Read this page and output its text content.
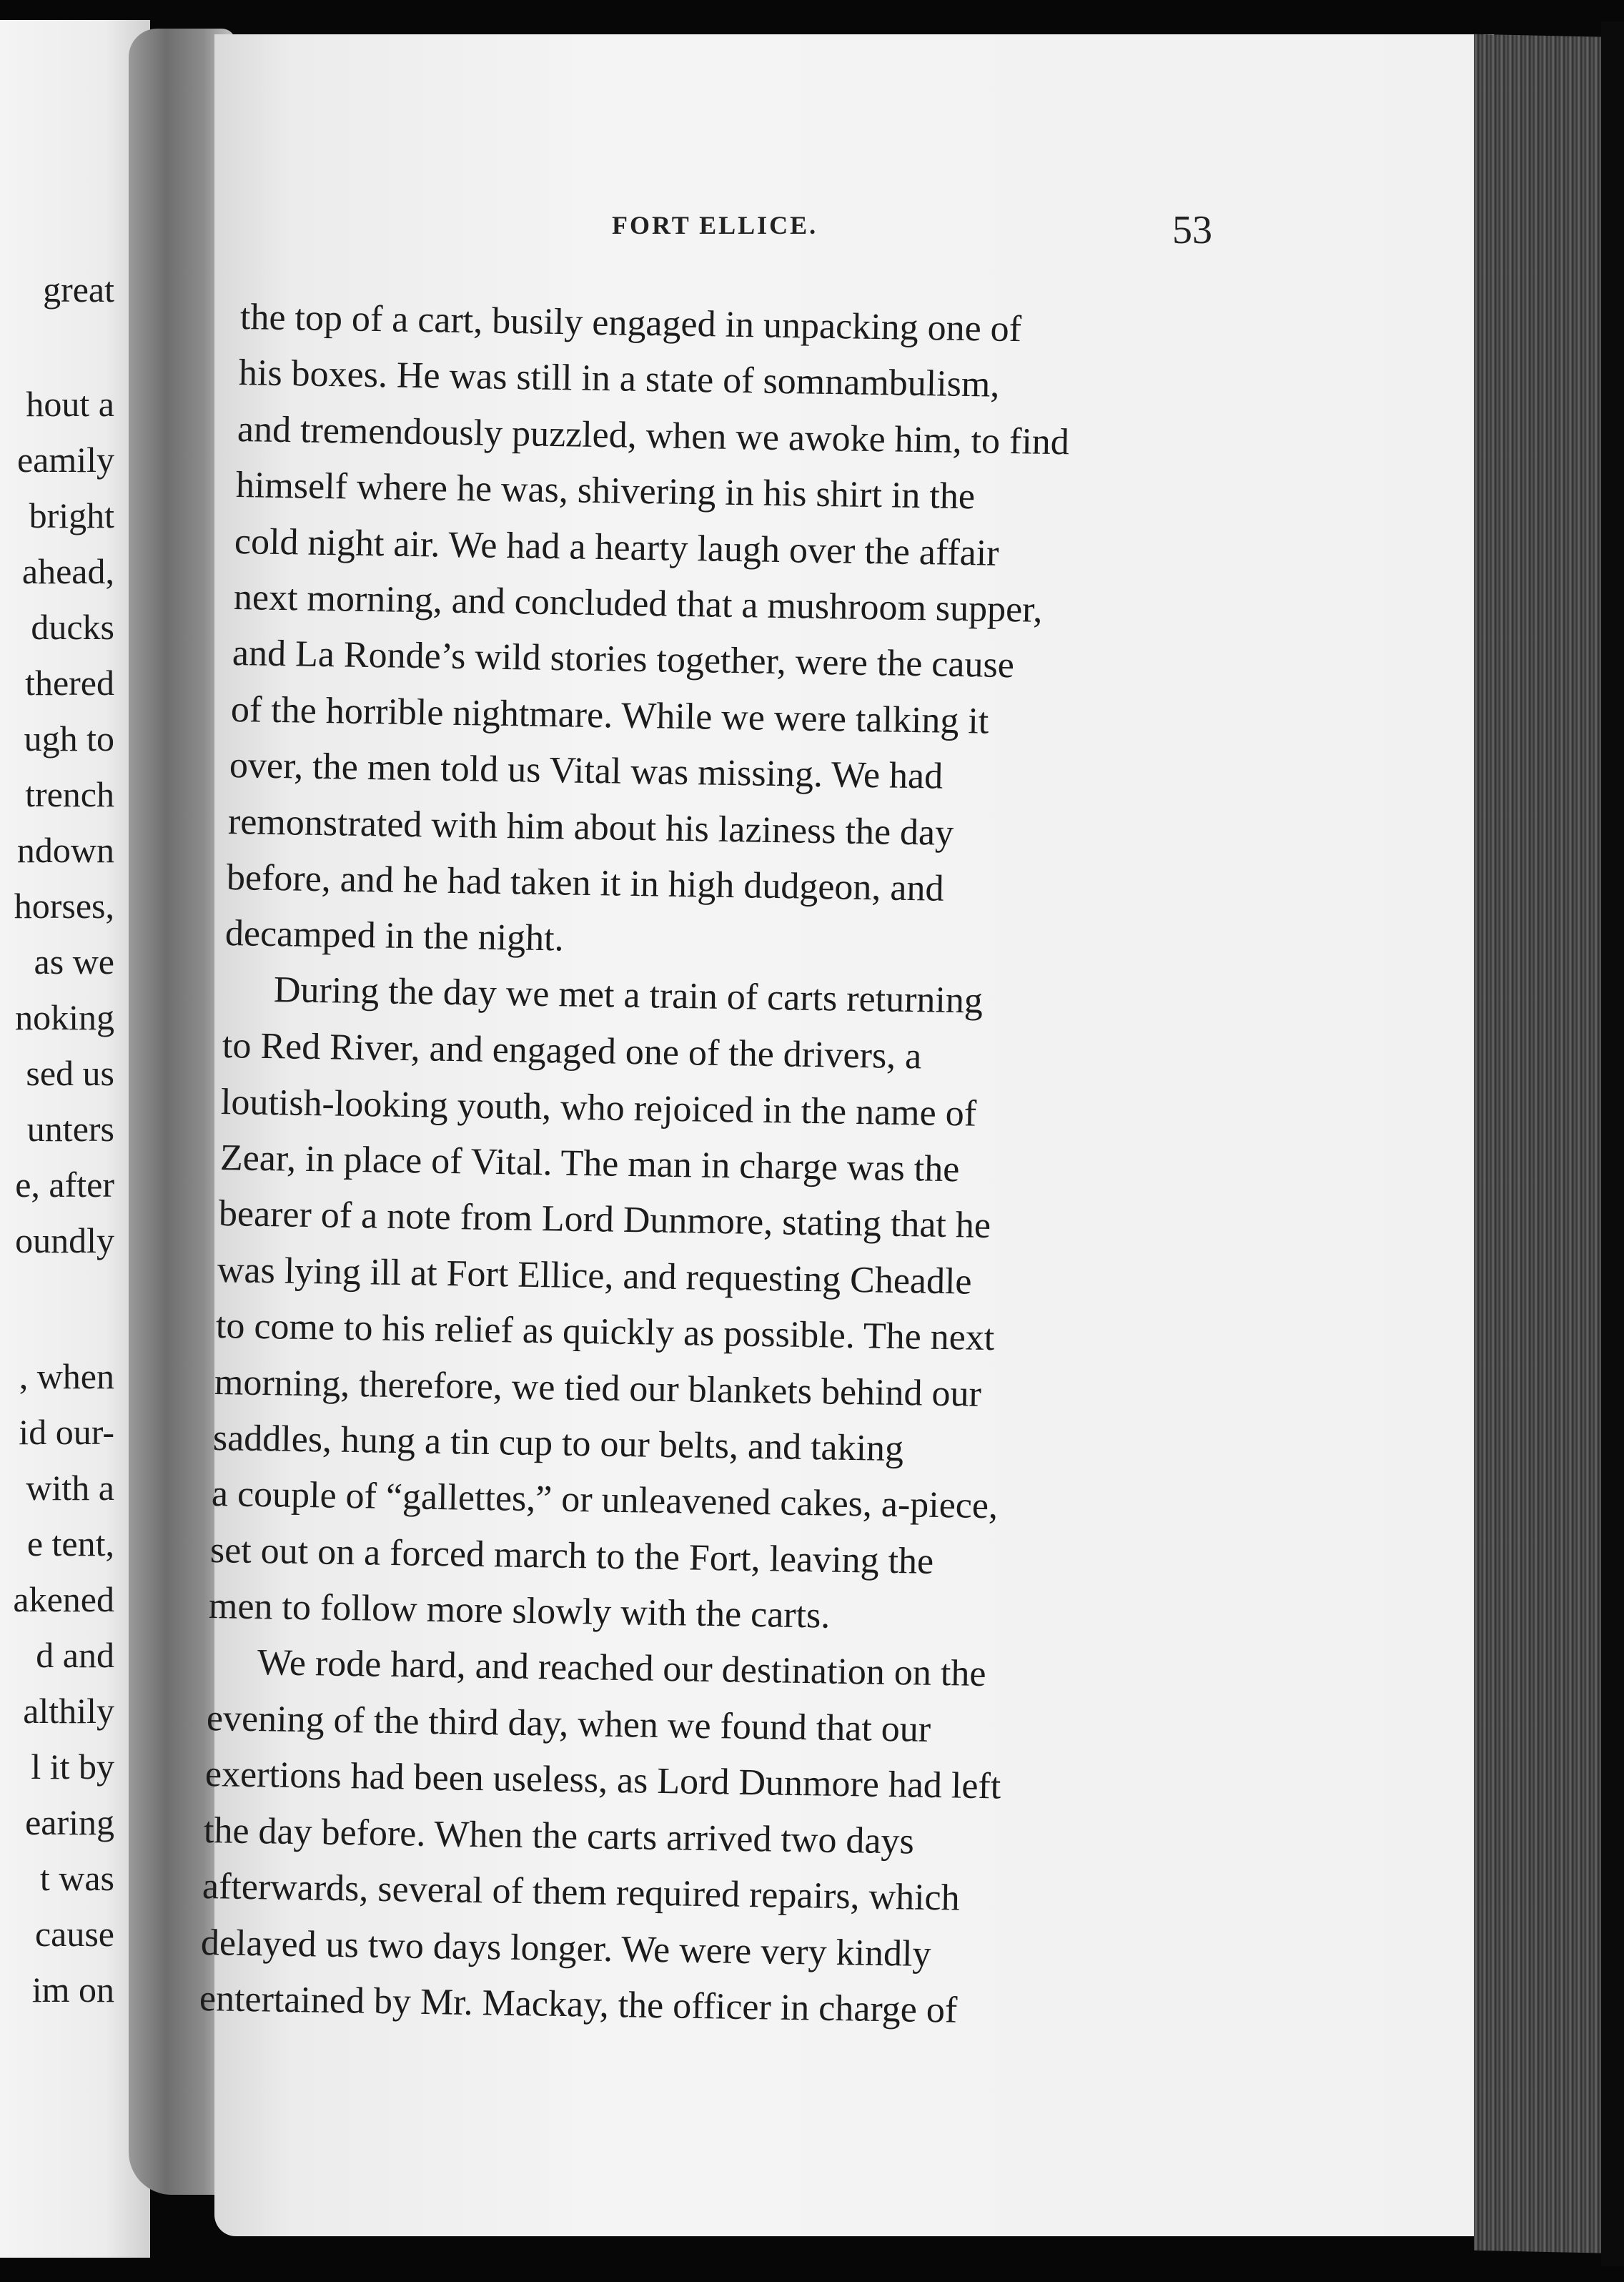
FORT ELLICE.	53
great
hout a
eamily
bright
ahead,
ducks
thered
ugh to
trench
ndown
horses,
as we
noking
sed us
unters
e, after
oundly
, when
id our-
with a
e tent,
akened
d and
althily
l it by
earing
t was
cause
im on
the top of a cart, busily engaged in unpacking one of
his boxes. He was still in a state of somnambulism,
and tremendously puzzled, when we awoke him, to find
himself where he was, shivering in his shirt in the
cold night air. We had a hearty laugh over the affair
next morning, and concluded that a mushroom supper,
and La Ronde’s wild stories together, were the cause
of the horrible nightmare. While we were talking it
over, the men told us Vital was missing. We had
remonstrated with him about his laziness the day
before, and he had taken it in high dudgeon, and
decamped in the night.
During the day we met a train of carts returning
to Red River, and engaged one of the drivers, a
loutish-looking youth, who rejoiced in the name of
Zear, in place of Vital. The man in charge was the
bearer of a note from Lord Dunmore, stating that he
was lying ill at Fort Ellice, and requesting Cheadle
to come to his relief as quickly as possible. The next
morning, therefore, we tied our blankets behind our
saddles, hung a tin cup to our belts, and taking
a couple of “gallettes,” or unleavened cakes, a-piece,
set out on a forced march to the Fort, leaving the
men to follow more slowly with the carts.
We rode hard, and reached our destination on the
evening of the third day, when we found that our
exertions had been useless, as Lord Dunmore had left
the day before. When the carts arrived two days
afterwards, several of them required repairs, which
delayed us two days longer. We were very kindly
entertained by Mr. Mackay, the officer in charge of
